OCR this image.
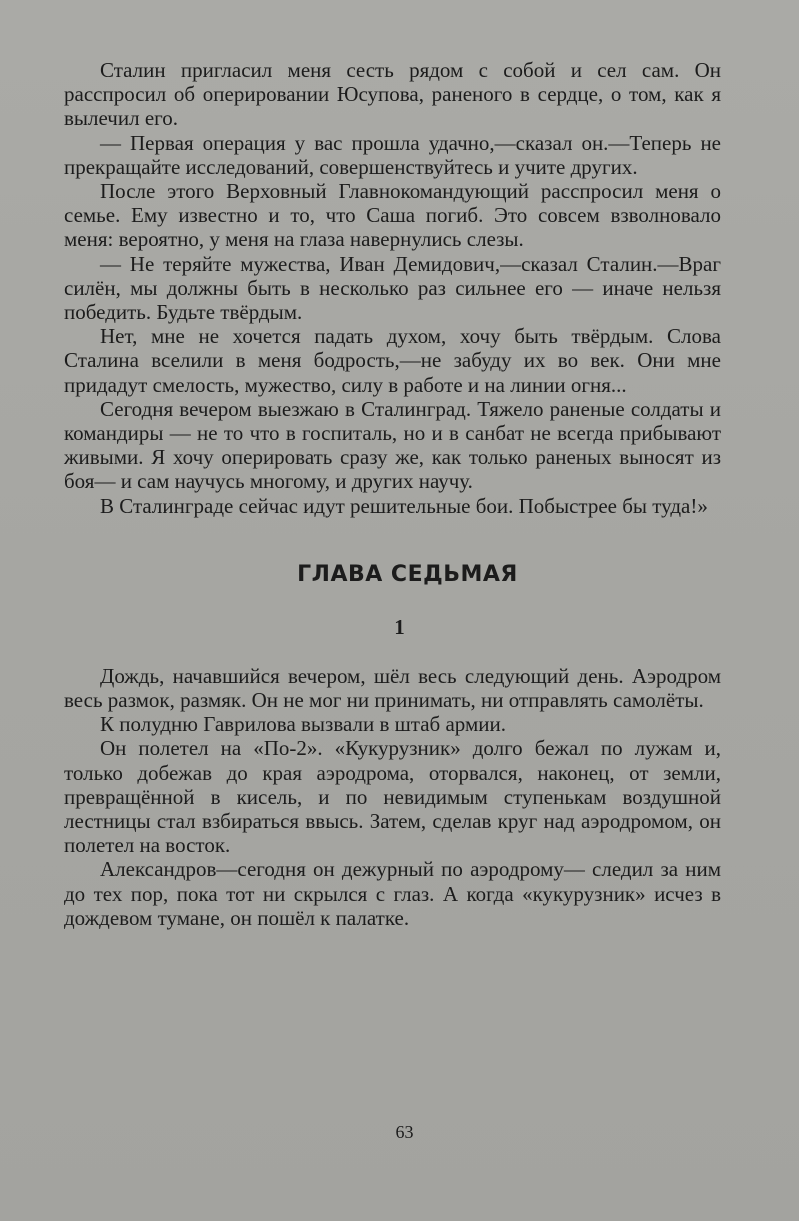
Сталин пригласил меня сесть рядом с собой и сел сам. Он расспросил об оперировании Юсупова, раненого в сердце, о том, как я вылечил его.

— Первая операция у вас прошла удачно,—сказал он.—Теперь не прекращайте исследований, совершенствуйтесь и учите других.

После этого Верховный Главнокомандующий расспросил меня о семье. Ему известно и то, что Саша погиб. Это совсем взволновало меня: вероятно, у меня на глаза навернулись слезы.

— Не теряйте мужества, Иван Демидович,—сказал Сталин.—Враг силён, мы должны быть в несколько раз сильнее его — иначе нельзя победить. Будьте твёрдым.

Нет, мне не хочется падать духом, хочу быть твёрдым. Слова Сталина вселили в меня бодрость,—не забуду их во век. Они мне придадут смелость, мужество, силу в работе и на линии огня...

Сегодня вечером выезжаю в Сталинград. Тяжело раненые солдаты и командиры — не то что в госпиталь, но и в санбат не всегда прибывают живыми. Я хочу оперировать сразу же, как только раненых выносят из боя— и сам научусь многому, и других научу.

В Сталинграде сейчас идут решительные бои. Побыстрее бы туда!»

ГЛАВА СЕДЬМАЯ
1

Дождь, начавшийся вечером, шёл весь следующий день. Аэродром весь размок, размяк. Он не мог ни принимать, ни отправлять самолёты.

К полудню Гаврилова вызвали в штаб армии.

Он полетел на «По-2». «Кукурузник» долго бежал по лужам и, только добежав до края аэродрома, оторвался, наконец, от земли, превращённой в кисель, и по невидимым ступенькам воздушной лестницы стал взбираться ввысь. Затем, сделав круг над аэродромом, он полетел на восток.

Александров—сегодня он дежурный по аэродрому— следил за ним до тех пор, пока тот ни скрылся с глаз. А когда «кукурузник» исчез в дождевом тумане, он пошёл к палатке.

63
